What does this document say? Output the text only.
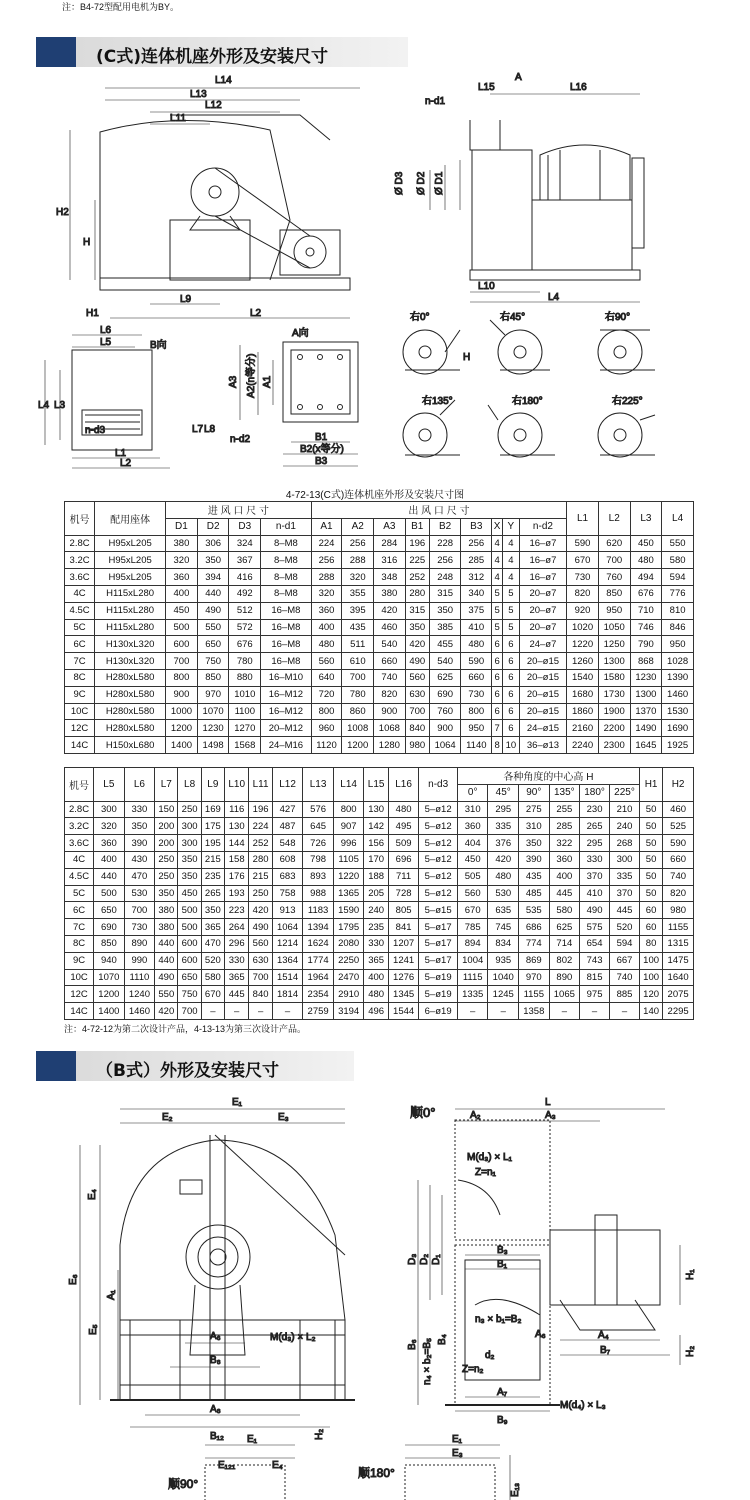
注：B4-72型配用电机为BY。
(C式)连体机座外形及安装尺寸
L14
L13
L12
L11
H2
H
H1
L9
L2
n-d1
L15
A
L16
Ø D3 Ø D2 Ø D1
L10
L4
L6
L5	B向
L4 L3
n-d3	L7 L8
L1
L2
A向
A3 A2(n等分) A1
n-d2	B1
B2(x等分)
B3
右0°	右45°	右90°
右135°	右180°	右225°
H
4-72-13(C式)连体机座外形及安装尺寸图
机号	配用座体	进 风 口 尺 寸				出 风 口 尺 寸									L1	L2	L3	L4
		D1	D2	D3	n-d1	A1	A2	A3	B1	B2	B3	X	Y	n-d2				
2.8C	H95xL205	380	306	324	8–M8	224	256	284	196	228	256	4	4	16–ø7	590	620	450	550
3.2C	H95xL205	320	350	367	8–M8	256	288	316	225	256	285	4	4	16–ø7	670	700	480	580
3.6C	H95xL205	360	394	416	8–M8	288	320	348	252	248	312	4	4	16–ø7	730	760	494	594
4C	H115xL280	400	440	492	8–M8	320	355	380	280	315	340	5	5	20–ø7	820	850	676	776
4.5C	H115xL280	450	490	512	16–M8	360	395	420	315	350	375	5	5	20–ø7	920	950	710	810
5C	H115xL280	500	550	572	16–M8	400	435	460	350	385	410	5	5	20–ø7	1020	1050	746	846
6C	H130xL320	600	650	676	16–M8	480	511	540	420	455	480	6	6	24–ø7	1220	1250	790	950
7C	H130xL320	700	750	780	16–M8	560	610	660	490	540	590	6	6	20–ø15	1260	1300	868	1028
8C	H280xL580	800	850	880	16–M10	640	700	740	560	625	660	6	6	20–ø15	1540	1580	1230	1390
9C	H280xL580	900	970	1010	16–M12	720	780	820	630	690	730	6	6	20–ø15	1680	1730	1300	1460
10C	H280xL580	1000	1070	1100	16–M12	800	860	900	700	760	800	6	6	20–ø15	1860	1900	1370	1530
12C	H280xL580	1200	1230	1270	20–M12	960	1008	1068	840	900	950	7	6	24–ø15	2160	2200	1490	1690
14C	H150xL680	1400	1498	1568	24–M16	1120	1200	1280	980	1064	1140	8	10	36–ø13	2240	2300	1645	1925
机号	L5	L6	L7	L8	L9	L10	L11	L12	L13	L14	L15	L16	n-d3	各种角度的中心高 H						H1	H2
														0°	45°	90°	135°	180°	225°		
2.8C	300	330	150	250	169	116	196	427	576	800	130	480	5–ø12	310	295	275	255	230	210	50	460
3.2C	320	350	200	300	175	130	224	487	645	907	142	495	5–ø12	360	335	310	285	265	240	50	525
3.6C	360	390	200	300	195	144	252	548	726	996	156	509	5–ø12	404	376	350	322	295	268	50	590
4C	400	430	250	350	215	158	280	608	798	1105	170	696	5–ø12	450	420	390	360	330	300	50	660
4.5C	440	470	250	350	235	176	215	683	893	1220	188	711	5–ø12	505	480	435	400	370	335	50	740
5C	500	530	350	450	265	193	250	758	988	1365	205	728	5–ø12	560	530	485	445	410	370	50	820
6C	650	700	380	500	350	223	420	913	1183	1590	240	805	5–ø15	670	635	535	580	490	445	60	980
7C	690	730	380	500	365	264	490	1064	1394	1795	235	841	5–ø17	785	745	686	625	575	520	60	1155
8C	850	890	440	600	470	296	560	1214	1624	2080	330	1207	5–ø17	894	834	774	714	654	594	80	1315
9C	940	990	440	600	520	330	630	1364	1774	2250	365	1241	5–ø17	1004	935	869	802	743	667	100	1475
10C	1070	1110	490	650	580	365	700	1514	1964	2470	400	1276	5–ø19	1115	1040	970	890	815	740	100	1640
12C	1200	1240	550	750	670	445	840	1814	2354	2910	480	1345	5–ø19	1335	1245	1155	1065	975	885	120	2075
14C	1400	1460	420	700	–	–	–	–	2759	3194	496	1544	6–ø19	–	–	1358	–	–	–	140	2295
注：4-72-12为第二次设计产品，4-13-13为第三次设计产品。
（B式）外形及安装尺寸
E₁
E₂	E₃
E₄
E₆
E₅
A₁
A₆
B₈
M(d₃) × L₂
A₈
B₁₂	H₂
顺0°	A₂
L
A₃
M(d₃) × L₁
Z=n₁
D₃ D₂ D₁
B₃
B₁
n₃ × b₁=B₂
A₆
B₆ n₄ × b₂=B₅ B₄	A₄
B₇
H₁
H₂
d₂
Z=n₂
A₇
B₉
M(d₄) × L₃
E₁
顺90°
E₁₂₁	E₄
顺180°
E₁
E₃
E₁₃
